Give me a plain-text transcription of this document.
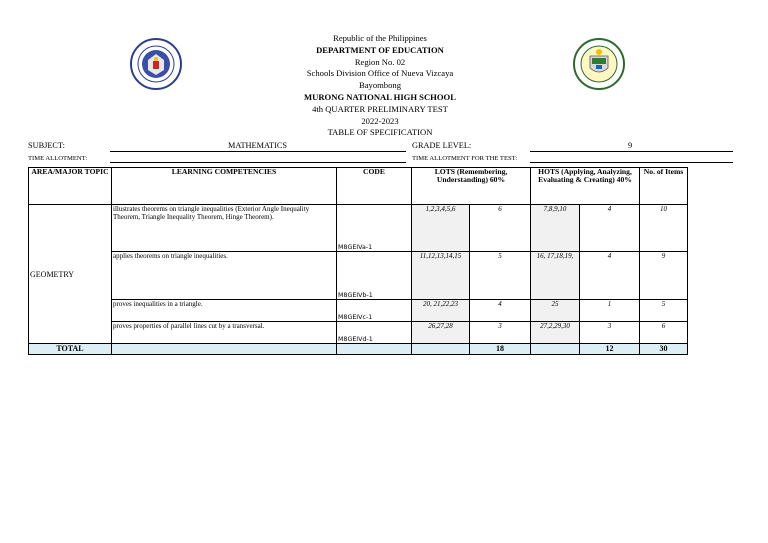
Republic of the Philippines
DEPARTMENT OF EDUCATION
Region No. 02
Schools Division Office of Nueva Vizcaya
Bayombong
MURONG NATIONAL HIGH SCHOOL
4th QUARTER PRELIMINARY TEST
2022-2023
TABLE OF SPECIFICATION
SUBJECT:	MATHEMATICS	GRADE LEVEL:	9
TIME ALLOTMENT:	TIME ALLOTMENT FOR THE TEST:
AREA/MAJOR TOPIC	LEARNING COMPETENCIES	CODE	LOTS (Remembering, Understanding) 60%		HOTS (Applying, Analyzing, Evaluating & Creating) 40%		No. of Items
GEOMETRY	illustrates theorems on triangle inequalities (Exterior Angle Inequality Theorem, Triangle Inequality Theorem, Hinge Theorem).	M8GEIVa-1	1,2,3,4,5,6	6	7,8,9,10	4	10
	applies theorems on triangle inequalities.	M8GEIVb-1	11,12,13,14,15	5	16, 17,18,19,	4	9
	proves inequalities in a triangle.	M8GEIVc-1	20, 21,22,23	4	25	1	5
	proves properties of parallel lines cut by a transversal.	M8GEIVd-1	26,27,28	3	27,2,29,30	3	6
TOTAL				18		12	30
